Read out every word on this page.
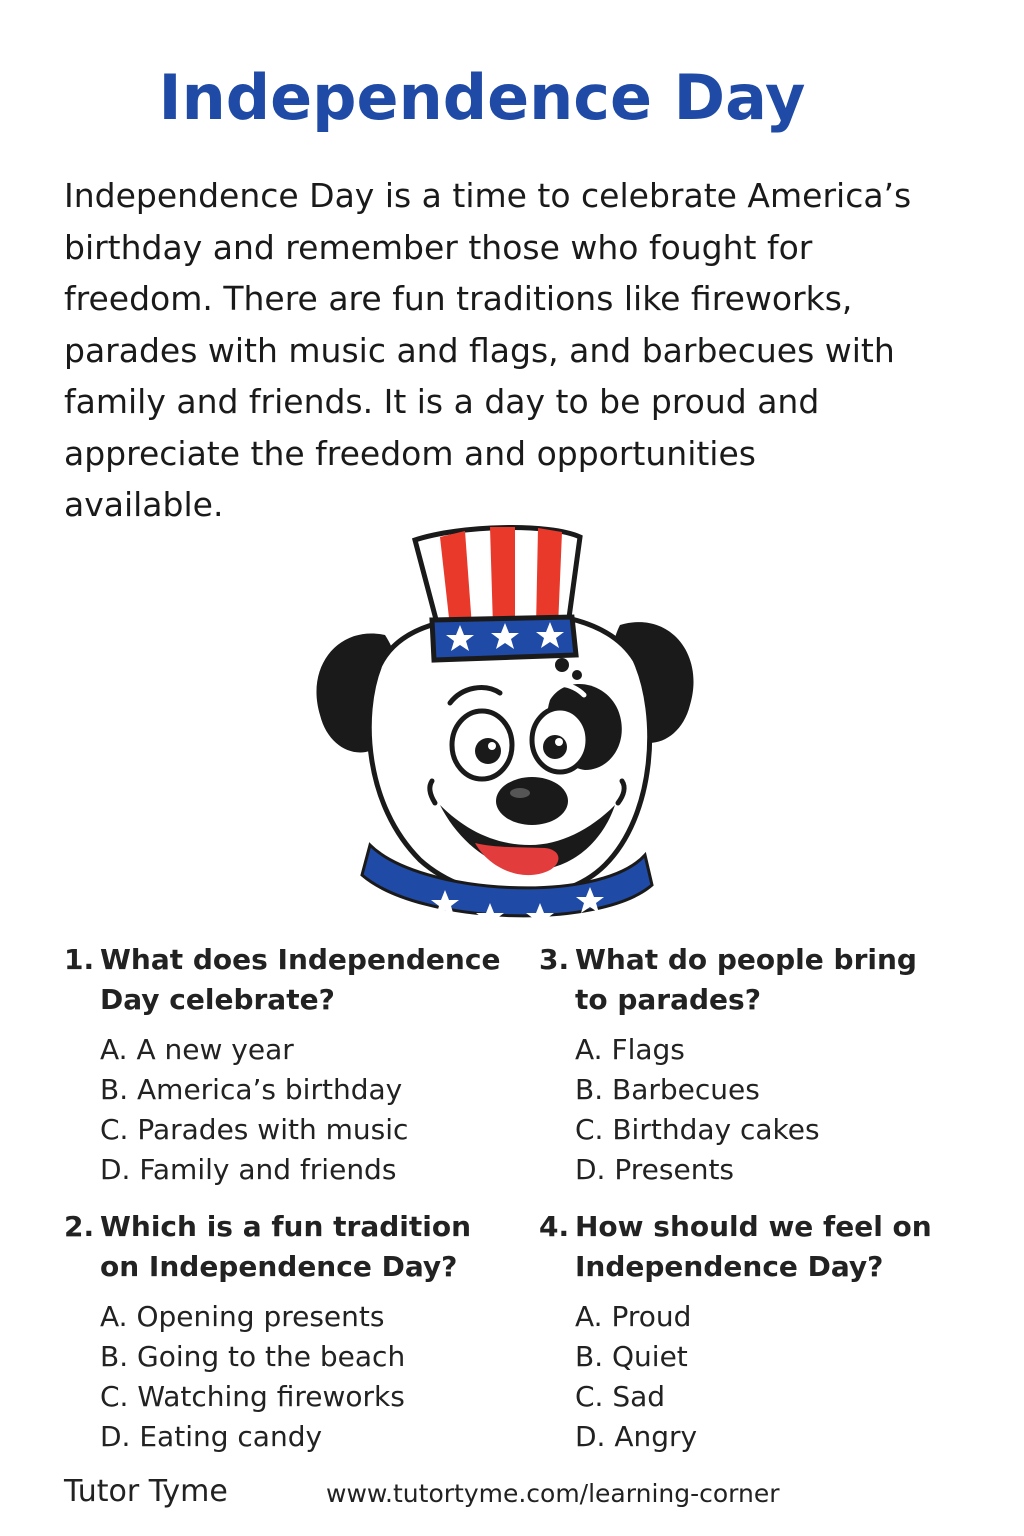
Independence Day
Independence Day is a time to celebrate America’s
birthday and remember those who fought for
freedom. There are fun traditions like fireworks,
parades with music and flags, and barbecues with
family and friends. It is a day to be proud and
appreciate the freedom and opportunities
available.
1. What does Independence
Day celebrate?
A. A new year
B. America’s birthday
C. Parades with music
D. Family and friends
2. Which is a fun tradition
on Independence Day?
A. Opening presents
B. Going to the beach
C. Watching fireworks
D. Eating candy
3. What do people bring
to parades?
A. Flags
B. Barbecues
C. Birthday cakes
D. Presents
4. How should we feel on
Independence Day?
A. Proud
B. Quiet
C. Sad
D. Angry
Tutor Tyme	www.tutortyme.com/learning-corner
